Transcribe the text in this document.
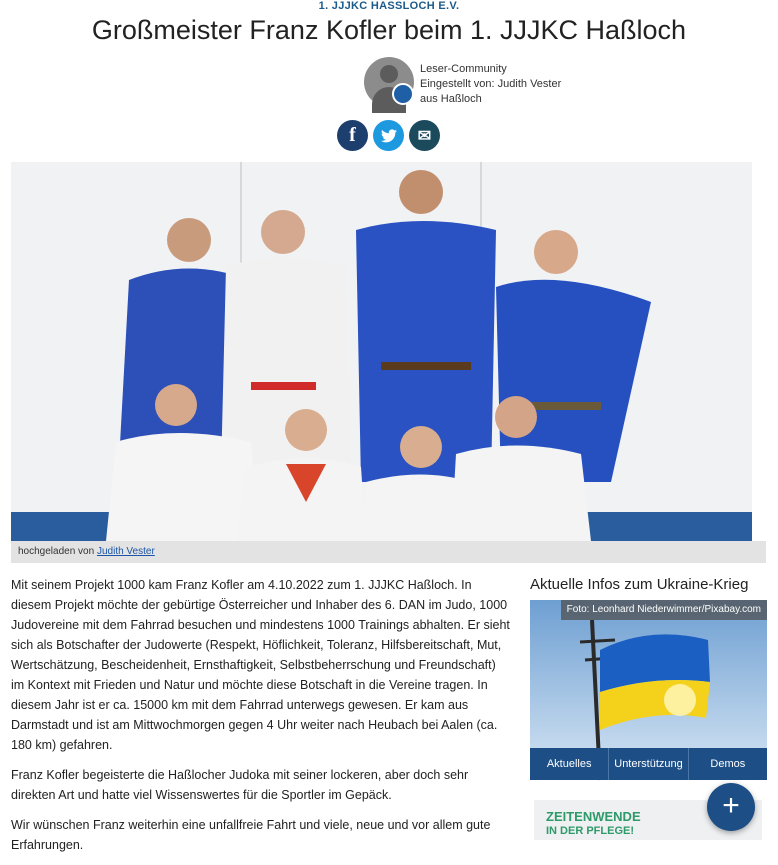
1. JJJKC HASSLOCH E.V.
Großmeister Franz Kofler beim 1. JJJKC Haßloch
Leser-Community
Eingestellt von: Judith Vester
aus Haßloch
f	✉
hochgeladen von Judith Vester

Mit seinem Projekt 1000 kam Franz Kofler am 4.10.2022 zum 1. JJJKC Haßloch. In diesem Projekt möchte der gebürtige Österreicher und Inhaber des 6. DAN im Judo, 1000 Judovereine mit dem Fahrrad besuchen und mindestens 1000 Trainings abhalten. Er sieht sich als Botschafter der Judowerte (Respekt, Höflichkeit, Toleranz, Hilfsbereitschaft, Mut, Wertschätzung, Bescheidenheit, Ernsthaftigkeit, Selbstbeherrschung und Freundschaft) im Kontext mit Frieden und Natur und möchte diese Botschaft in die Vereine tragen. In diesem Jahr ist er ca. 15000 km mit dem Fahrrad unterwegs gewesen. Er kam aus Darmstadt und ist am Mittwochmorgen gegen 4 Uhr weiter nach Heubach bei Aalen (ca. 180 km) gefahren.

Franz Kofler begeisterte die Haßlocher Judoka mit seiner lockeren, aber doch sehr direkten Art und hatte viel Wissenswertes für die Sportler im Gepäck.

Wir wünschen Franz weiterhin eine unfallfreie Fahrt und viele, neue und vor allem gute Erfahrungen.

Aktuelle Infos zum Ukraine-Krieg
Foto: Leonhard Niederwimmer/Pixabay.com
Aktuelles	Unterstützung	Demos
ZEITENWENDE
IN DER PFLEGE!
+
